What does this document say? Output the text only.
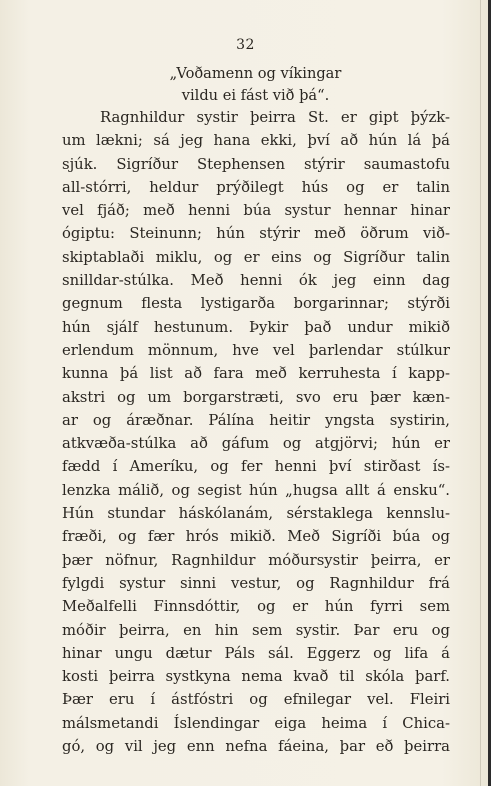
32
„Voðamenn og víkingar
vildu ei fást við þá“.
Ragnhildur systir þeirra St. er gipt þýzk-
um lækni; sá jeg hana ekki, því að hún lá þá
sjúk. Sigríður Stephensen stýrir saumastofu
all-stórri, heldur prýðilegt hús og er talin
vel fjáð; með henni búa systur hennar hinar
ógiptu: Steinunn; hún stýrir með öðrum við-
skiptablaði miklu, og er eins og Sigríður talin
snilldar-stúlka. Með henni ók jeg einn dag
gegnum flesta lystigarða borgarinnar; stýrði
hún sjálf hestunum. Þykir það undur mikið
erlendum mönnum, hve vel þarlendar stúlkur
kunna þá list að fara með kerruhesta í kapp-
akstri og um borgarstræti, svo eru þær kæn-
ar og áræðnar. Pálína heitir yngsta systirin,
atkvæða-stúlka að gáfum og atgjörvi; hún er
fædd í Ameríku, og fer henni því stirðast ís-
lenzka málið, og segist hún „hugsa allt á ensku“.
Hún stundar háskólanám, sérstaklega kennslu-
fræði, og fær hrós mikið. Með Sigríði búa og
þær nöfnur, Ragnhildur móðursystir þeirra, er
fylgdi systur sinni vestur, og Ragnhildur frá
Meðalfelli Finnsdóttir, og er hún fyrri sem
móðir þeirra, en hin sem systir. Þar eru og
hinar ungu dætur Páls sál. Eggerz og lifa á
kosti þeirra systkyna nema kvað til skóla þarf.
Þær eru í ástfóstri og efnilegar vel. Fleiri
málsmetandi Íslendingar eiga heima í Chica-
gó, og vil jeg enn nefna fáeina, þar eð þeirra
